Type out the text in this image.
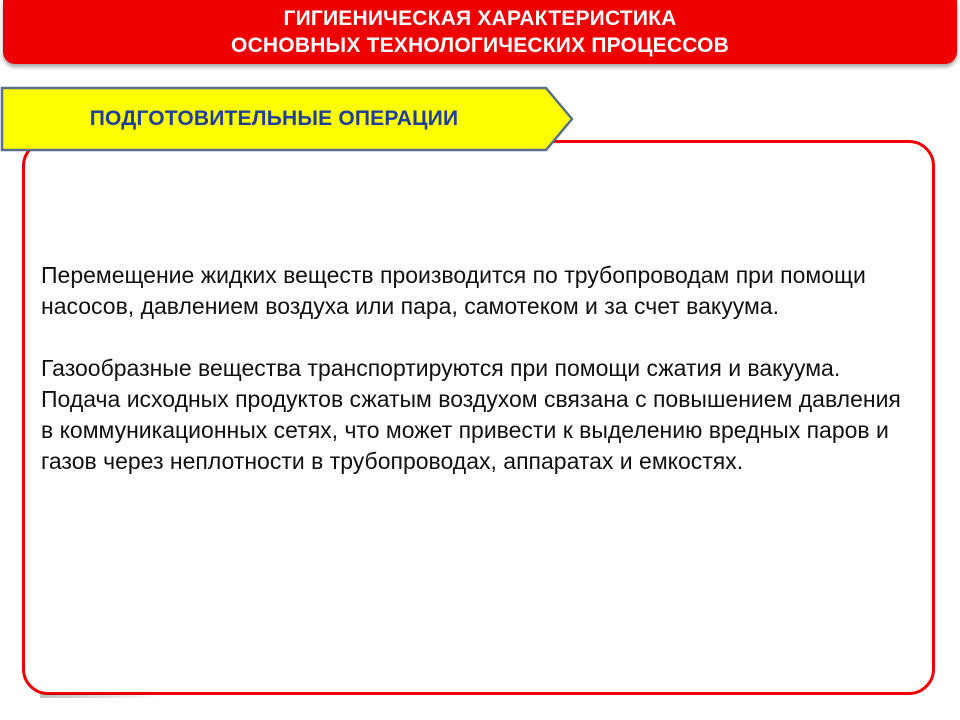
ГИГИЕНИЧЕСКАЯ ХАРАКТЕРИСТИКА
ОСНОВНЫХ ТЕХНОЛОГИЧЕСКИХ ПРОЦЕССОВ
ПОДГОТОВИТЕЛЬНЫЕ ОПЕРАЦИИ

Перемещение жидких веществ производится по трубопроводам при помощи насосов, давлением воздуха или пара, самотеком и за счет вакуума.

Газообразные вещества транспортируются при помощи сжатия и вакуума. Подача исходных продуктов сжатым воздухом связана с повышением давления в коммуникационных сетях, что может привести к выделению вредных паров и газов через неплотности в трубопроводах, аппаратах и емкостях.
